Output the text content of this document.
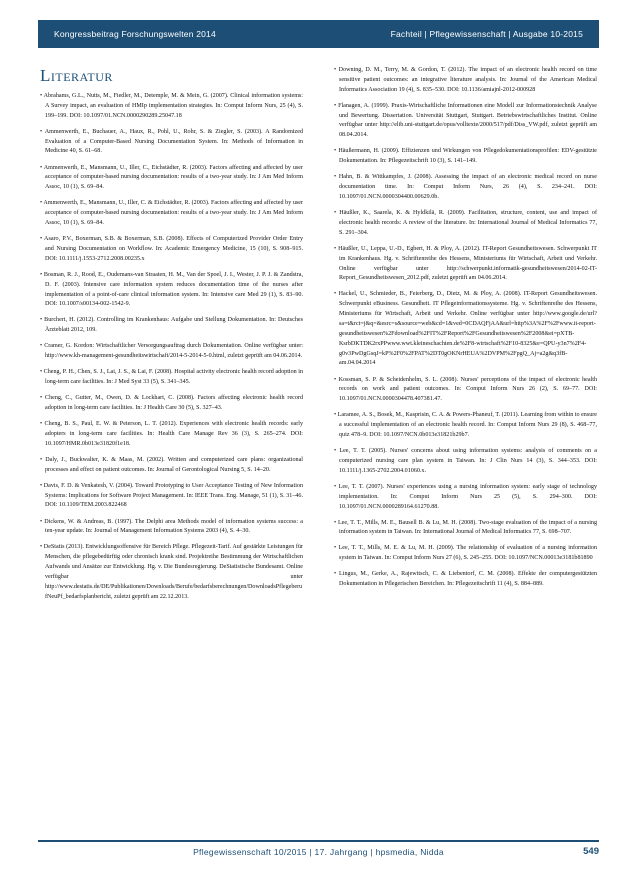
Kongressbeitrag Forschungswelten 2014	Fachteil | Pflegewissenschaft | Ausgabe 10-2015
Literatur
• Abrahams, G.L., Nutts, M., Fiedler, M., Detemple, M. & Mein, G. (2007). Clinical information systems: A Survey impact, an evaluation of HMIp implementation strategies. In: Comput Inform Nurs, 25 (4), S. 199–199. DOI: 10.1097/01.NCN.0000290289.25047.18
• Ammenwerth, E., Buchauer, A., Haux, R., Pohl, U., Rohr, S. & Ziegler, S. (2003). A Randomized Evaluation of a Computer-Based Nursing Documentation System. In: Methods of Information in Medicine 40, S. 61–68.
• Ammenwerth, E., Mansmann, U., Iller, C., Eichstädter, R. (2003). Factors affecting and affected by user acceptance of computer-based nursing documentation: results of a two-year study. In: J Am Med Inform Assoc, 10 (1), S. 69–84.
• Ammenwerth, E., Mansmann, U., Iller, C. & Eichstädter, R. (2003). Factors affecting and affected by user acceptance of computer-based nursing documentation: results of a two-year study. In: J Am Med Inform Assoc, 10 (1), S. 69–84.
• Asaro, P.V., Boxerman, S.B. & Boxerman, S.B. (2008). Effects of Computerized Provider Order Entry and Nursing Documentation on Workflow. In: Academic Emergency Medicine, 15 (10), S. 908–915. DOI: 10.1111/j.1553-2712.2008.00235.x
• Bosman, R. J., Rood, E., Oudemans-van Straaten, H. M., Van der Spoel, J. I., Wester, J. P. J. & Zandstra, D. F. (2003). Intensive care information system reduces documentation time of the nurses after implementation of a point-of-care clinical information system. In: Intensive care Med 29 (1), S. 83–90. DOI: 10.1007/s00134-002-1542-9.
• Burchert, H. (2012). Controlling im Krankenhaus: Aufgabe und Stellung Dokumentation. In: Deutsches Ärzteblatt 2012, 109.
• Cramer, G. Kordon: Wirtschaftlicher Versorgungsauftrag durch Dokumentation. Online verfügbar unter: http://www.kh-management-gesundheitswirtschaft/2014-5-2014-5-0.html, zuletzt geprüft am 04.06.2014.
• Cheng, P. H., Chen, S. J., Lai, J. S., & Lai, F. (2008). Hospital activity electronic health record adoption in long-term care facilities. In: J Med Syst 33 (5), S. 341–345.
• Cheng, C., Gutter, M., Owen, D. & Lockhart, C. (2008). Factors affecting electronic health record adoption in long-term care facilities. In: J Health Care 30 (5), S. 327–43.
• Cheng, B. S., Paul, E. W. & Peterson, L. T. (2012). Experiences with electronic health records: early adopters in long-term care facilities. In: Health Care Manage Rev 36 (3), S. 265–274. DOI: 10.1097/HMR.0b013e31820f1e18.
• Daly, J., Buckwalter, K. & Maas, M. (2002). Written and computerized care plans: organizational processes and effect on patient outcomes. In: Journal of Gerontological Nursing 5, S. 14–20.
• Davis, F. D. & Venkatesh, V. (2004). Toward Prototyping to User Acceptance Testing of New Information Systems: Implications for Software Project Management. In: IEEE Trans. Eng. Manage, 51 (1), S. 31–46. DOI: 10.1109/TEM.2003.822468
• Dickens, W. & Andreas, B. (1997). The Delphi area Methods model of information systems success: a ten-year update. In: Journal of Management Information Systems 2003 (4), S. 4–30.
• DeStatis (2013). Entwicklungsoffensive für Bereich Pflege. Pflegezeit-Tarif. Auf gestärkte Leistungen für Menschen, die pflegebedürftig oder chronisch krank sind. Projektreihe Bestimmung der Wirtschaftlichen Aufwands und Ansätze zur Entwicklung. Hg. v. Die Bundesregierung. DeStatistische Bundesamt. Online verfügbar unter http://www.destatis.de/DE/Publikationen/Downloads/Berufe/bedarfsberechnungen/DownloadsPflegeberufNeuPf_bedarfsplanbericht, zuletzt geprüft am 22.12.2013.
• Downing, D. M., Terry, M. & Gordon, T. (2012). The impact of an electronic health record on time sensitive patient outcomes: an integrative literature analysis. In: Journal of the American Medical Informatics Association 19 (4), S. 835–530. DOI: 10.1136/amiajnl-2012-000928
• Flanagen, A. (1999). Praxis-Wirtschaftliche Informationen eine Modell zur Informationstechnik Analyse und Bewertung. Dissertation. Universität Stuttgart, Stuttgart. Betriebswirtschaftliches Institut. Online verfügbar unter http://elib.uni-stuttgart.de/opus/volltexte/2000/517/pdf/Diss_VW.pdf, zuletzt geprüft am 08.04.2014.
• Häußermann, H. (2009). Effizienzen und Wirkungen von Pflegedokumentationsprofilen: EDV-gestützte Dokumentation. In: Pflegezeitschrift 10 (3), S. 141–149.
• Hahn, B. & Wittkampfes, J. (2008). Assessing the impact of an electronic medical record on nurse documentation time. In: Comput Inform Nurs, 26 (4), S. 234–241. DOI: 10.1097/01.NCN.0000304400.00629.0b.
• Häußler, K., Saarela, K. & Hyldkilä, R. (2009). Facilitation, structure, content, use and impact of electronic health records: A review of the literature. In: International Journal of Medical Informatics 77, S. 291–304.
• Häußler, U., Leppa, U.-D., Egbert, H. & Ploy, A. (2012). IT-Report Gesundheitswesen. Schwerpunkt IT im Krankenhaus. Hg. v. Schriftenreihe des Hessens, Ministeriums für Wirtschaft, Arbeit und Verkehr. Online verfügbar unter http://schwerpunkt.informatik-gesundheitswesen/2014-02-IT-Report_Gesundheitswesen_2012.pdf, zuletzt geprüft am 04.06.2014.
• Hackel, U., Schmieder, B., Feierberg, D., Dietz, M. & Ploy, A. (2008). IT-Report Gesundheitswesen. Schwerpunkt eBusiness. Gesundheit. IT Pflegeinformationssysteme. Hg. v. Schriftenreihe des Hessens, Ministeriums für Wirtschaft, Arbeit und Verkehr. Online verfügbar unter http://www.google.de/url?sa=t&rct=j&q=&esrc=s&source=web&cd=1&ved=0CDAQFjAA&url=http%3A%2F%2Fwww.it-report-gesundheitswesen%2Fdownload%2FIT%2FReport%2FGesundheitswesen%2F2008&ei=pXTB-KsrbDKTDK2rxPPwww.wwt.kleineschachten.de%2F8-wirtschaft%2F10-8325&e=QPU-y3n7%2F4-g0v3PwDgGsqJ=kP%2F0%2FPAT%2DT0gOKNrHEUA%2DVPM%2FpgQ_Aj=a2g&q3fB-am.04.04.2014
• Kossman, S. P. & Scheidenhelm, S. L. (2008). Nurses' perceptions of the impact of electronic health records on work and patient outcomes. In: Comput Inform Nurs 26 (2), S. 69–77. DOI: 10.1097/01.NCN.0000304478.407381.47.
• Laramee, A. S., Bosek, M., Kasprisin, C. A. & Powers-Phaneuf, T. (2011). Learning from within to ensure a successful implementation of an electronic health record. In: Comput Inform Nurs 29 (8), S. 468–77, quiz 478–9. DOI: 10.1097/NCN.0b013e31821b29b7.
• Lee, T. T. (2005). Nurses' concerns about using information systems: analysis of comments on a computerized nursing care plan system in Taiwan. In: J Clin Nurs 14 (3), S. 344–353. DOI: 10.1111/j.1365-2702.2004.01060.x.
• Lee, T. T. (2007). Nurses' experiences using a nursing information system: early stage of technology implementation. In: Comput Inform Nurs 25 (5), S. 294–300. DOI: 10.1097/01.NCN.0000289164.61270.88.
• Lee, T. T., Mills, M. E., Bausell B. & Lu, M. H. (2008). Two-stage evaluation of the impact of a nursing information system in Taiwan. In: International Journal of Medical Informatics 77, S. 698–707.
• Lee, T. T., Mills, M. E. & Lu, M. H. (2009). The relationship of evaluation of a nursing information system in Taiwan. In: Comput Inform Nurs 27 (6), S. 245–255. DOI: 10.1097/NCN.00013e3181b81890
• Lingus, M., Gerke, A., Rajewitsch, C. & Liebentorf, C. M. (2008). Effekte der computergestützten Dokumentation in Pflegerischen Bereichen. In: Pflegezeitschrift 11 (4), S. 884–889.
Pflegewissenschaft 10/2015 | 17. Jahrgang | hpsmedia, Nidda	549
